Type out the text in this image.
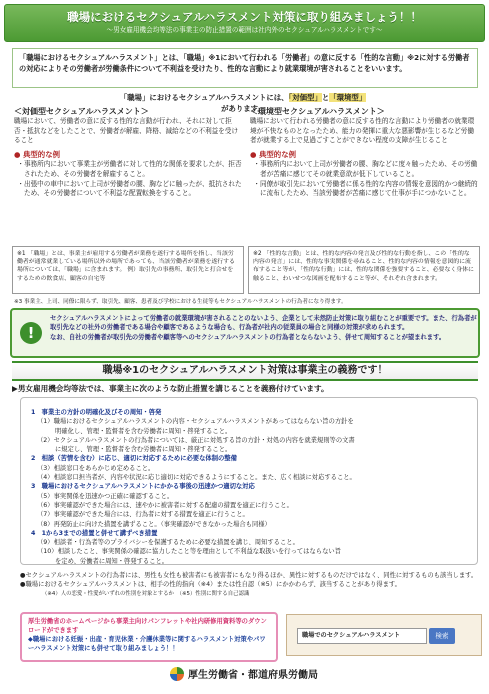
職場におけるセクシュアルハラスメント対策に取り組みましょう！！
〜男女雇用機会均等法の事業主の防止措置の範囲は社内外のセクシュアルハラスメントです〜
「職場におけるセクシュアルハラスメント」とは、「職場」※1において行われる「労働者」の意に反する「性的な言動」※2に対する労働者の対応によりその労働者が労働条件について不利益を受けたり、性的な言動により就業環境が害されることをいいます。
「職場」におけるセクシュアルハラスメントには、「対価型」と「環境型」があります。
＜対価型セクシュアルハラスメント＞

職場において、労働者の意に反する性的な言動が行われ、それに対して拒否・抵抗などをしたことで、労働者が解雇、降格、減給などの不利益を受けること

● 典型的な例
・ 事務所内において事業主が労働者に対して性的な関係を要求したが、拒否されたため、その労働者を解雇すること。
・ 出張中の車中において上司が労働者の腰、胸などに触ったが、抵抗されたため、その労働者について不利益な配置転換をすること。
※1 「職場」とは、事業主が雇用する労働者が業務を遂行する場所を指し、当該労働者が通常就業している場所以外の場所であっても、当該労働者が業務を遂行する場所については、「職場」に含まれます。 例）取引先の事務所、取引先と打合せをするための飲食店、顧客の自宅等
＜環境型セクシュアルハラスメント＞

職場において行われる労働者の意に反する性的な言動により労働者の就業環境が不快なものとなったため、能力の発揮に重大な悪影響が生じるなど労働者が就業する上で見過ごすことができない程度の支障が生じること

● 典型的な例
・ 事務所内において上司が労働者の腰、胸などに度々触ったため、その労働者が苦痛に感じてその就業意欲が低下していること。
・ 同僚が取引先において労働者に係る性的な内容の情報を意図的かつ継続的に流布したため、当該労働者が苦痛に感じて仕事が手につかないこと。
※2 「性的な言動」とは、性的な内容の発言及び性的な行動を指し、この「性的な内容の発言」には、性的な事実関係を尋ねること、性的な内容の情報を意図的に流布すること等が、「性的な行動」には、性的な関係を強要すること、必要なく身体に触ること、わいせつな図画を配布すること等が、それぞれ含まれます。
※3 事業主、上司、同僚に限らず、取引先、顧客、患者及び学校における生徒等もセクシュアルハラスメントの行為者になり得ます。
!
セクシュアルハラスメントによって労働者の就業環境が害されることのないよう、企業として未然防止対策に取り組むことが重要です。また、行為者が取引先などの社外の労働者である場合や顧客であるような場合も、行為者が社内の従業員の場合と同様の対策が求められます。
なお、自社の労働者が取引先の労働者や顧客等へのセクシュアルハラスメントの行為者とならないよう、併せて周知することが望まれます。
職場※1のセクシュアルハラスメント対策は事業主の義務です！
▶男女雇用機会均等法では、事業主に次のような防止措置を講じることを義務付けています。
1　事業主の方針の明確化及びその周知・啓発
（1）職場におけるセクシュアルハラスメントの内容・セクシュアルハラスメントがあってはならない旨の方針を
明確化し、管理・監督者を含む労働者に周知・啓発すること。
（2）セクシュアルハラスメントの行為者については、厳正に対処する旨の方針・対処の内容を就業規則等の文書
に規定し、管理・監督者を含む労働者に周知・啓発すること。
2　相談（苦情を含む）に応じ、適切に対応するために必要な体制の整備
（3）相談窓口をあらかじめ定めること。
（4）相談窓口担当者が、内容や状況に応じ適切に対応できるようにすること。また、広く相談に対応すること。
3　職場におけるセクシュアルハラスメントにかかる事後の迅速かつ適切な対応
（5）事実関係を迅速かつ正確に確認すること。
（6）事実確認ができた場合には、速やかに被害者に対する配慮の措置を適正に行うこと。
（7）事実確認ができた場合には、行為者に対する措置を適正に行うこと。
（8）再発防止に向けた措置を講ずること。（事実確認ができなかった場合も同様）
4　1から3までの措置と併せて講ずべき措置
（9）相談者・行為者等のプライバシーを保護するために必要な措置を講じ、周知すること。
（10）相談したこと、事実関係の確認に協力したこと等を理由として不利益な取扱いを行ってはならない旨
を定め、労働者に周知・啓発すること。
●セクシュアルハラスメントの行為者には、男性も女性も被害者にも被害者にもなり得るほか、異性に対するものだけではなく、同性に対するものも該当します。
●職場におけるセクシュアルハラスメントは、相手の性的指向（※4）または性自認（※5）にかかわらず、該当することがあり得ます。
（※4）人の恋愛・性愛がいずれの性別を対象とするか　（※5）性別に関する自己認識
厚生労働省のホームページから事業主向けパンフレットや社内研修用資料等のダウンロードができます
◆職場における妊娠・出産・育児休業・介護休業等に関するハラスメント対策やパワーハラスメント対策にも併せて取り組みましょう！！
職場でのセクシュアルハラスメント	検索
厚生労働省・都道府県労働局
